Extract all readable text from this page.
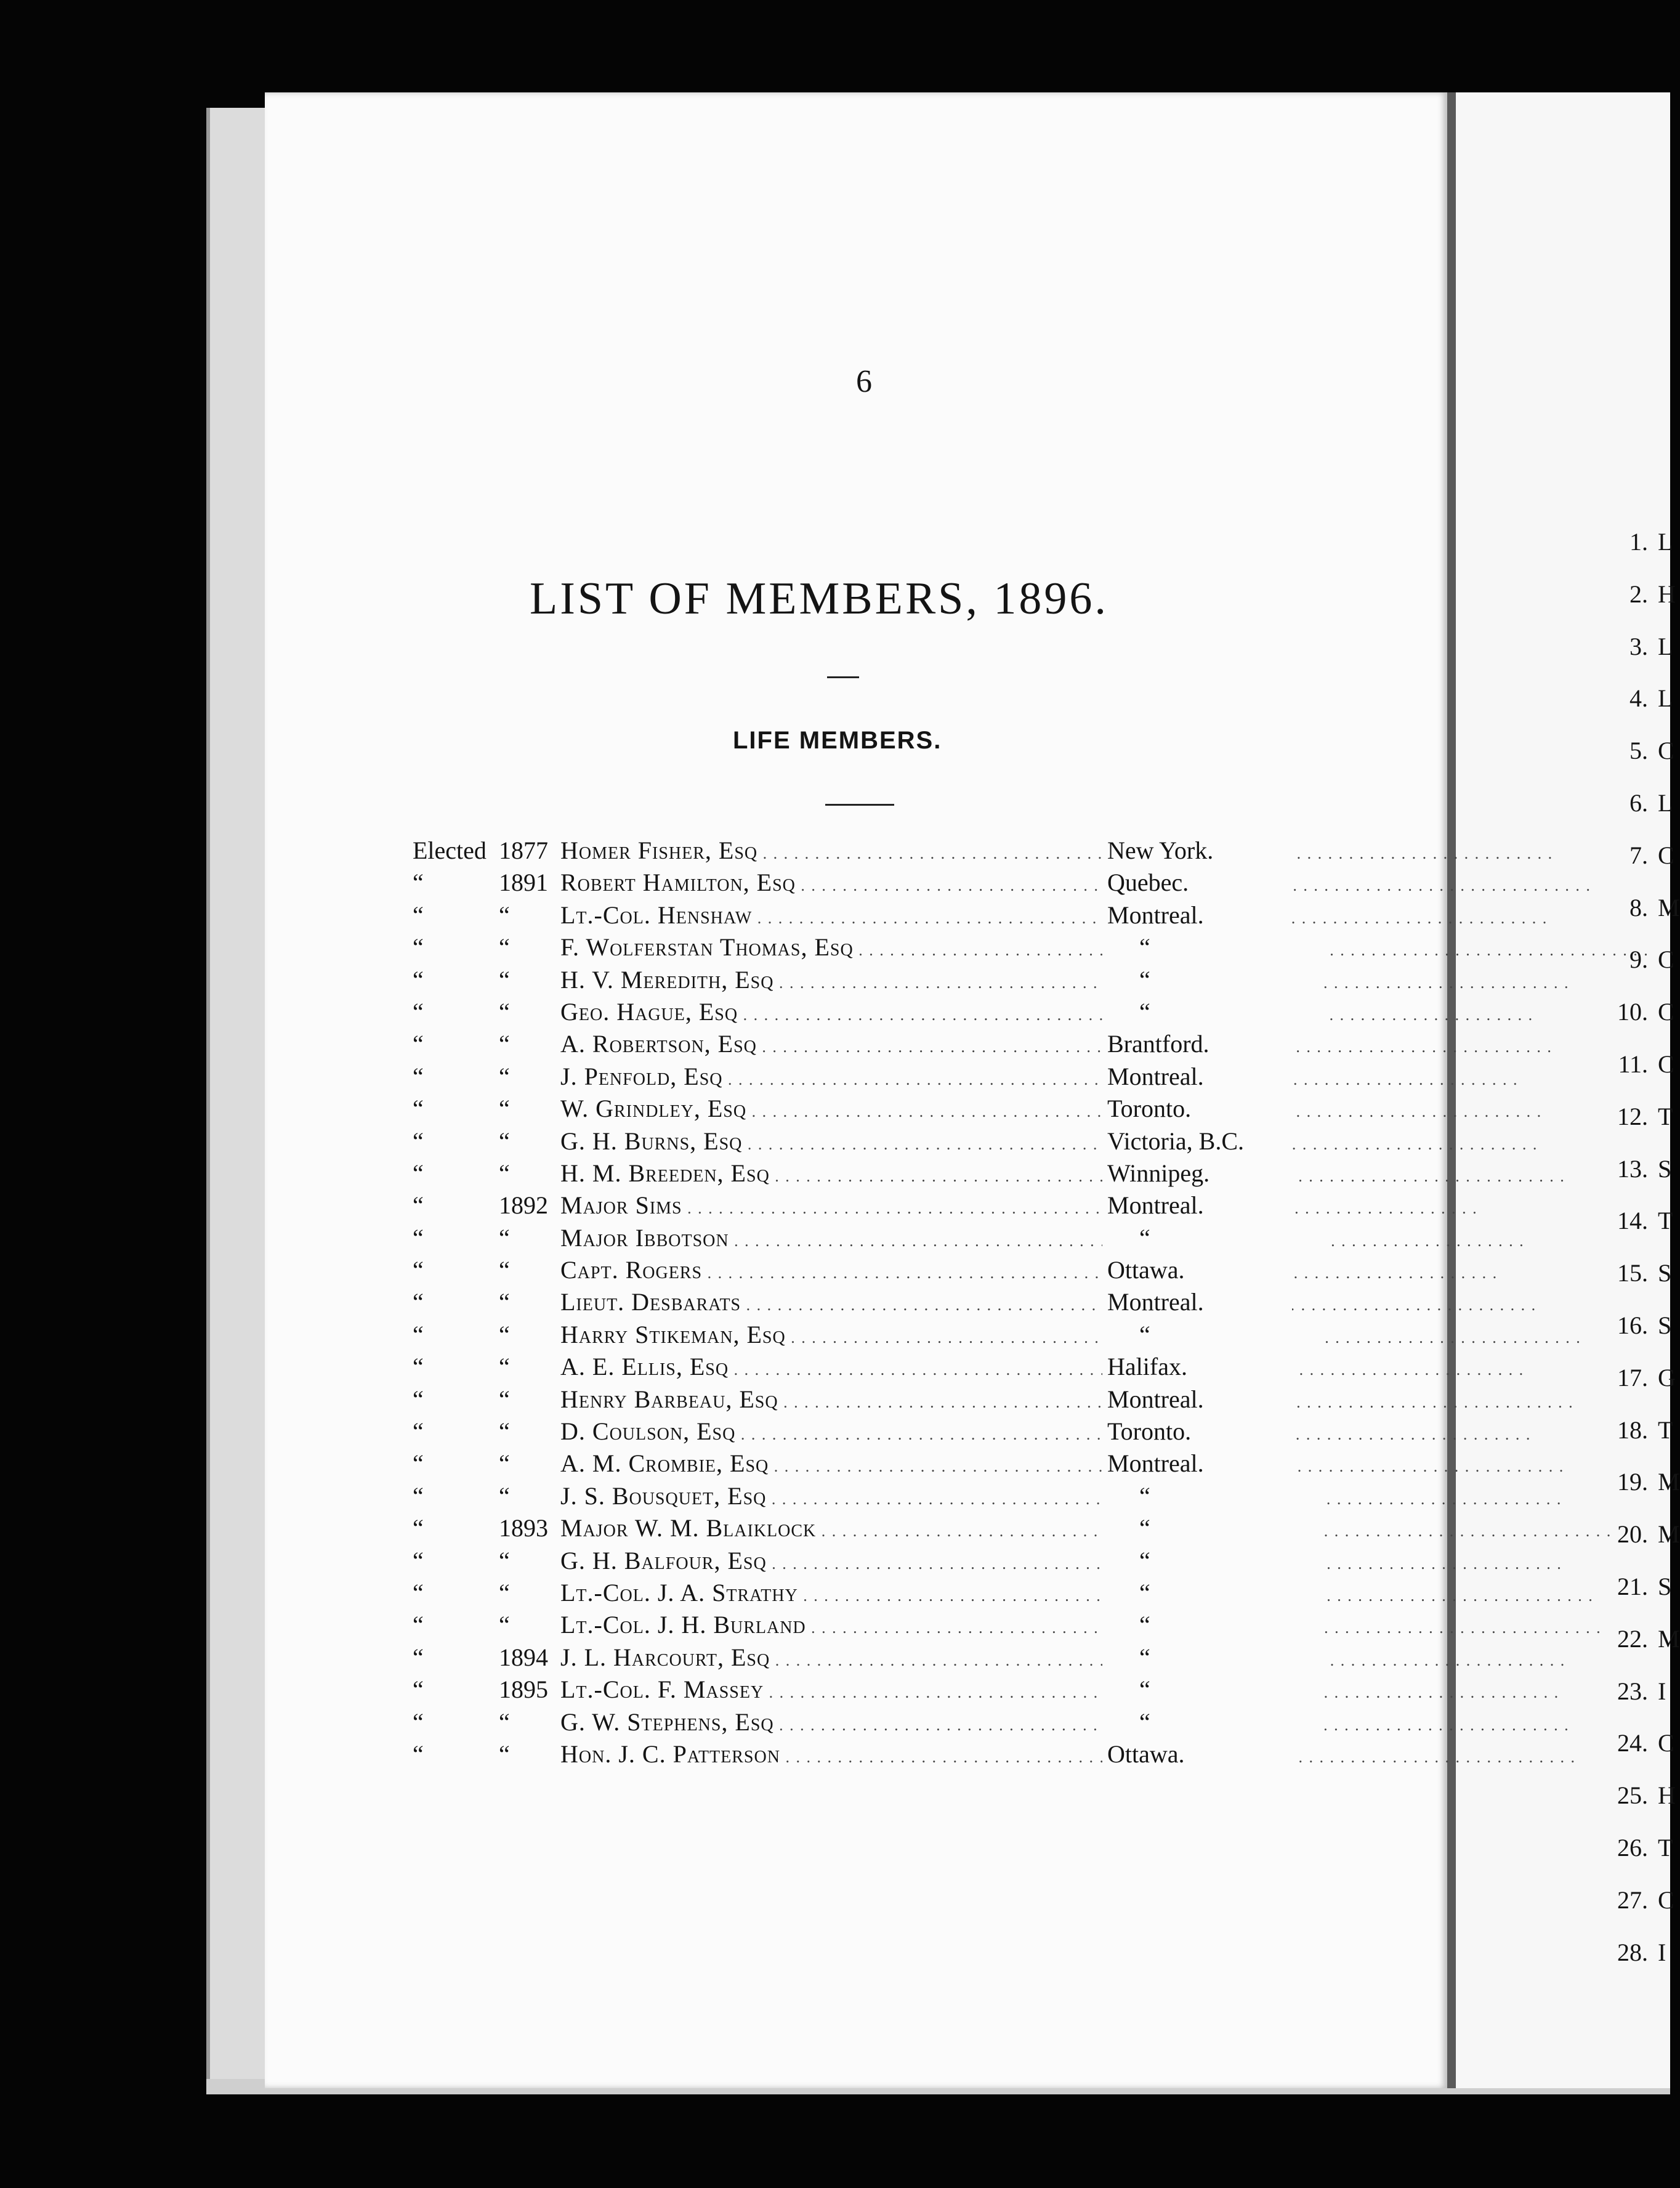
6
LIST OF MEMBERS, 1896.
LIFE MEMBERS.
Elected 1877 Homer Fisher, Esq . . .	New York.
“	1891 Robert Hamilton, Esq . . .	Quebec.
“	“	Lt.-Col. Henshaw . . .	Montreal.
“	“	F. Wolferstan Thomas, Esq . . .	“
“	“	H. V. Meredith, Esq . . .	“
“	“	Geo. Hague, Esq . . .	“
“	“	A. Robertson, Esq . . .	Brantford.
“	“	J. Penfold, Esq . . .	Montreal.
“	“	W. Grindley, Esq . . .	Toronto.
“	“	G. H. Burns, Esq . . .	Victoria, B.C.
“	“	H. M. Breeden, Esq . . .	Winnipeg.
“	1892 Major Sims . . .	Montreal.
“	“	Major Ibbotson . . .	“
“	“	Capt. Rogers . . .	Ottawa.
“	“	Lieut. Desbarats . . .	Montreal.
“	“	Harry Stikeman, Esq . . .	“
“	“	A. E. Ellis, Esq . . .	Halifax.
“	“	Henry Barbeau, Esq . . .	Montreal.
“	“	D. Coulson, Esq . . .	Toronto.
“	“	A. M. Crombie, Esq . . .	Montreal.
“	“	J. S. Bousquet, Esq . . .	“
“	1893 Major W. M. Blaiklock . . .	“
“	“	G. H. Balfour, Esq . . .	“
“	“	Lt.-Col. J. A. Strathy . . .	“
“	“	Lt.-Col. J. H. Burland . . .	“
“	1894 J. L. Harcourt, Esq . . .	“
“	1895 Lt.-Col. F. Massey . . .	“
“	“	G. W. Stephens, Esq . . .	“
“	“	Hon. J. C. Patterson . . .	Ottawa.
1. L
2. H
3. L
4. L
5. C
6. L
7. C
8. M
9. C
10. C
11. C
12. T
13. S
14. T
15. S
16. S
17. G
18. T
19. M
20. M
21. S
22. M
23. I
24. C
25. H
26. T
27. C
28. I
